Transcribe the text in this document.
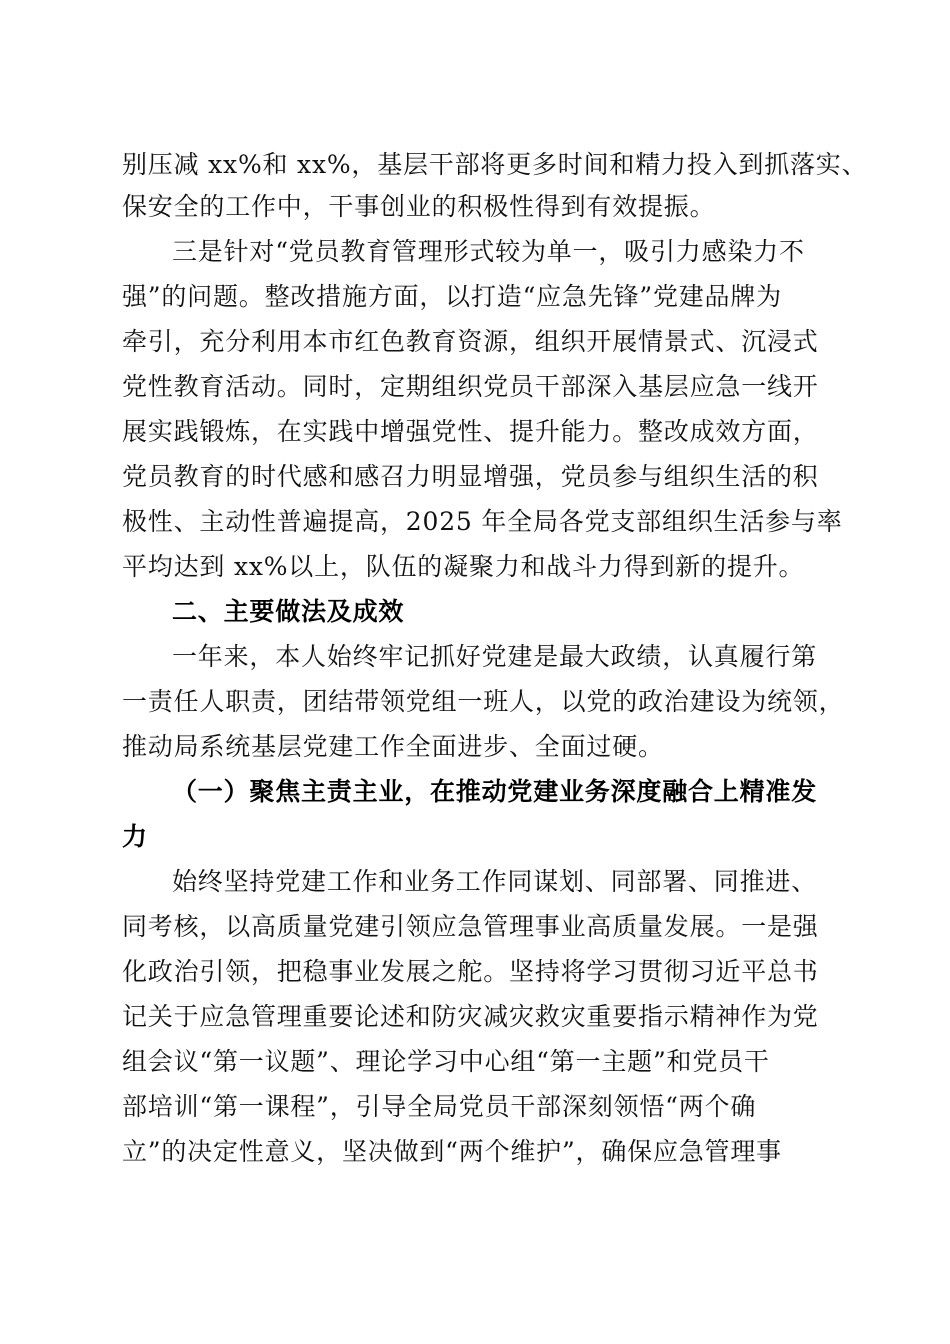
别压减 xx%和 xx%，基层干部将更多时间和精力投入到抓落实、
保安全的工作中，干事创业的积极性得到有效提振。
三是针对“党员教育管理形式较为单一，吸引力感染力不
强”的问题。整改措施方面，以打造“应急先锋”党建品牌为
牵引，充分利用本市红色教育资源，组织开展情景式、沉浸式
党性教育活动。同时，定期组织党员干部深入基层应急一线开
展实践锻炼，在实践中增强党性、提升能力。整改成效方面，
党员教育的时代感和感召力明显增强，党员参与组织生活的积
极性、主动性普遍提高，2025 年全局各党支部组织生活参与率
平均达到 xx%以上，队伍的凝聚力和战斗力得到新的提升。
二、主要做法及成效
一年来，本人始终牢记抓好党建是最大政绩，认真履行第
一责任人职责，团结带领党组一班人，以党的政治建设为统领，
推动局系统基层党建工作全面进步、全面过硬。
（一）聚焦主责主业，在推动党建业务深度融合上精准发
力
始终坚持党建工作和业务工作同谋划、同部署、同推进、
同考核，以高质量党建引领应急管理事业高质量发展。一是强
化政治引领，把稳事业发展之舵。坚持将学习贯彻习近平总书
记关于应急管理重要论述和防灾减灾救灾重要指示精神作为党
组会议“第一议题”、理论学习中心组“第一主题”和党员干
部培训“第一课程”，引导全局党员干部深刻领悟“两个确
立”的决定性意义，坚决做到“两个维护”，确保应急管理事
